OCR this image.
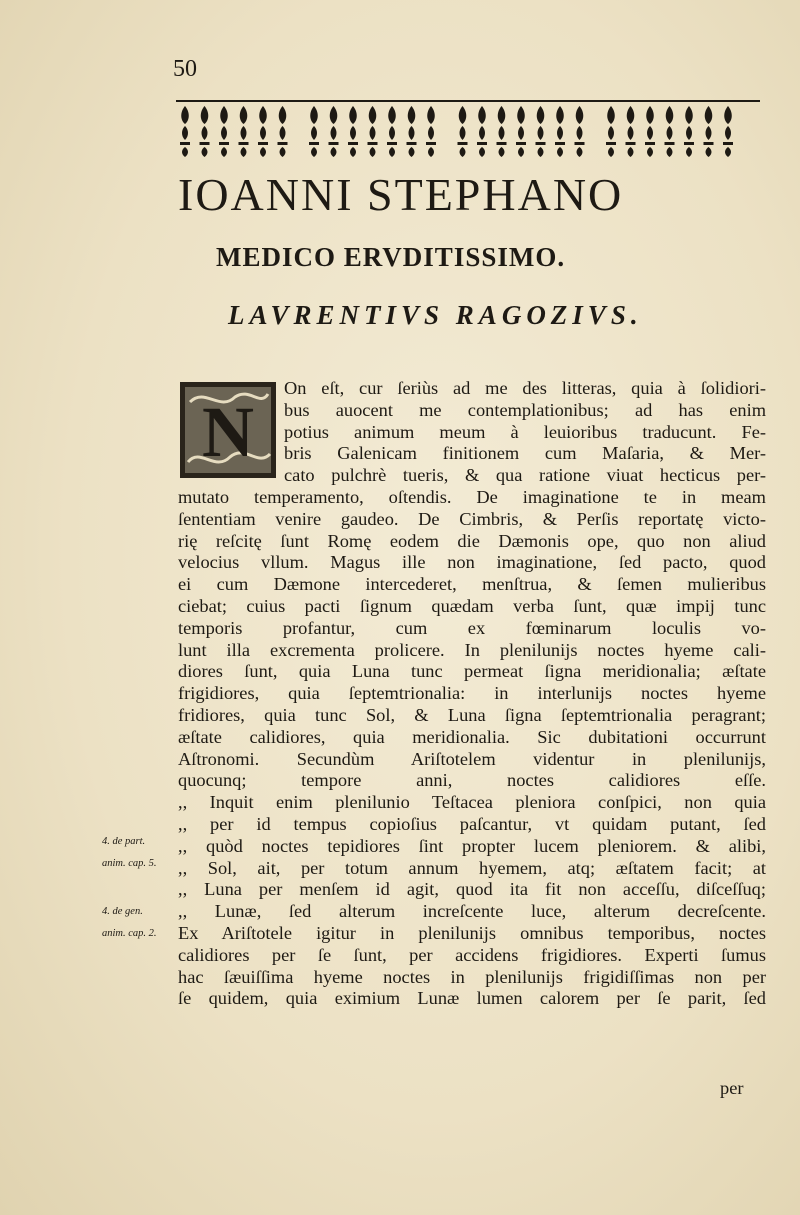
50
IOANNI STEPHANO
MEDICO ERVDITISSIMO.
LAVRENTIVS RAGOZIVS.
N
On eſt, cur ſeriùs ad me des litteras, quia à ſolidiori-
bus auocent me contemplationibus; ad has enim
potius animum meum à leuioribus traducunt. Fe-
bris Galenicam finitionem cum Maſaria, & Mer-
cato pulchrè tueris, & qua ratione viuat hecticus per-
mutato temperamento, oſtendis. De imaginatione te in meam
ſententiam venire gaudeo. De Cimbris, & Perſis reportatę victo-
rię reſcitę ſunt Romę eodem die Dæmonis ope, quo non aliud
velocius vllum. Magus ille non imaginatione, ſed pacto, quod
ei cum Dæmone intercederet, menſtrua, & ſemen mulieribus
ciebat; cuius pacti ſignum quædam verba ſunt, quæ impij tunc
temporis profantur, cum ex fœminarum loculis vo-
lunt illa excrementa prolicere. In plenilunijs noctes hyeme cali-
diores ſunt, quia Luna tunc permeat ſigna meridionalia; æſtate
frigidiores, quia ſeptemtrionalia: in interlunijs noctes hyeme
fridiores, quia tunc Sol, & Luna ſigna ſeptemtrionalia peragrant;
æſtate calidiores, quia meridionalia. Sic dubitationi occurrunt
Aſtronomi. Secundùm Ariſtotelem videntur in plenilunijs,
quocunq; tempore anni, noctes calidiores eſſe.
,, Inquit enim plenilunio Teſtacea pleniora conſpici, non quia
,, per id tempus copioſius paſcantur, vt quidam putant, ſed
,, quòd noctes tepidiores ſint propter lucem pleniorem. & alibi,
,, Sol, ait, per totum annum hyemem, atq; æſtatem facit; at
,, Luna per menſem id agit, quod ita fit non acceſſu, diſceſſuq;
,, Lunæ, ſed alterum increſcente luce, alterum decreſcente.
Ex Ariſtotele igitur in plenilunijs omnibus temporibus, noctes
calidiores per ſe ſunt, per accidens frigidiores. Experti ſumus
hac ſæuiſſima hyeme noctes in plenilunijs frigidiſſimas non per
ſe quidem, quia eximium Lunæ lumen calorem per ſe parit, ſed
4. de part.
anim. cap. 5.
4. de gen.
anim. cap. 2.
per
